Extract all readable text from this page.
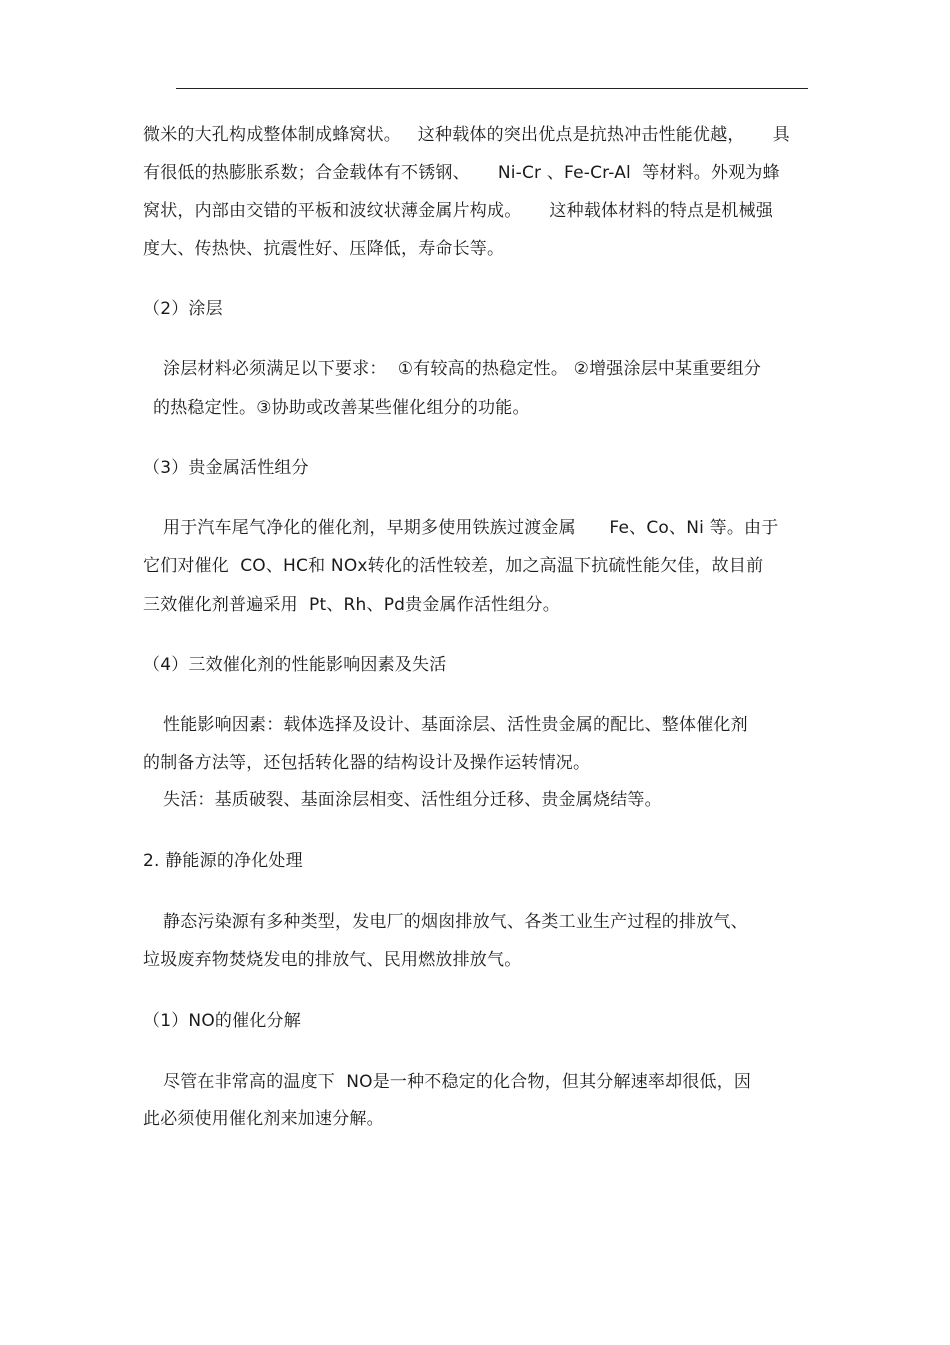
微米的大孔构成整体制成蜂窝状。   这种载体的突出优点是抗热冲击性能优越，     具
有很低的热膨胀系数；合金载体有不锈钢、     Ni-Cr 、Fe-Cr-Al  等材料。外观为蜂
窝状，内部由交错的平板和波纹状薄金属片构成。     这种载体材料的特点是机械强
度大、传热快、抗震性好、压降低，寿命长等。
（2）涂层
涂层材料必须满足以下要求：  ①有较高的热稳定性。 ②增强涂层中某重要组分
的热稳定性。③协助或改善某些催化组分的功能。
（3）贵金属活性组分
用于汽车尾气净化的催化剂，早期多使用铁族过渡金属      Fe、Co、Ni 等。由于
它们对催化  CO、HC和 NOx转化的活性较差，加之高温下抗硫性能欠佳，故目前
三效催化剂普遍采用  Pt、Rh、Pd贵金属作活性组分。
（4）三效催化剂的性能影响因素及失活
性能影响因素：载体选择及设计、基面涂层、活性贵金属的配比、整体催化剂
的制备方法等，还包括转化器的结构设计及操作运转情况。
失活：基质破裂、基面涂层相变、活性组分迁移、贵金属烧结等。
2. 静能源的净化处理
静态污染源有多种类型，发电厂的烟囱排放气、各类工业生产过程的排放气、
垃圾废弃物焚烧发电的排放气、民用燃放排放气。
（1）NO的催化分解
尽管在非常高的温度下  NO是一种不稳定的化合物，但其分解速率却很低，因
此必须使用催化剂来加速分解。
